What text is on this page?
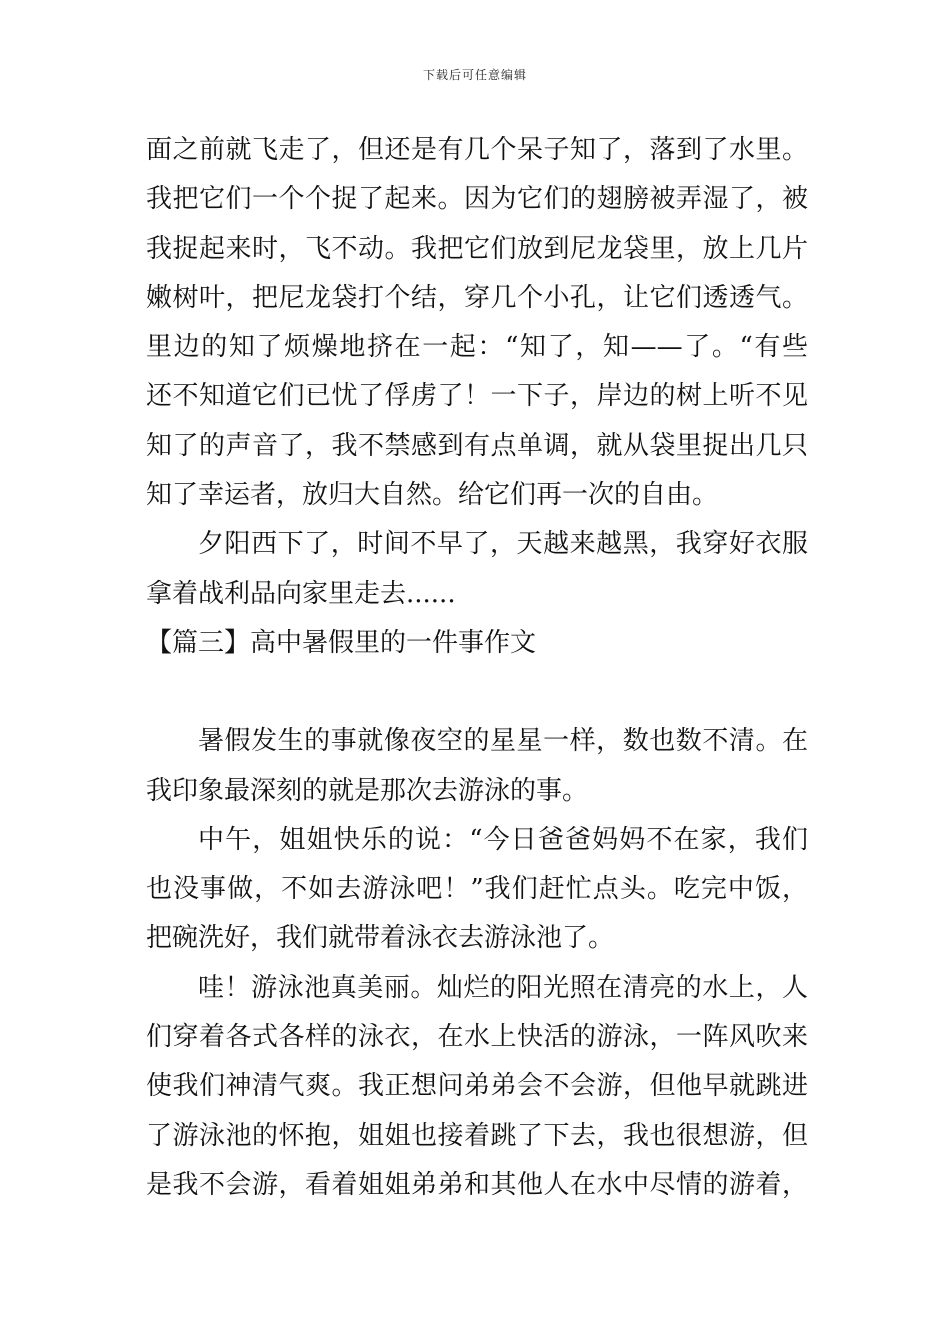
下载后可任意编辑
面之前就飞走了，但还是有几个呆子知了，落到了水里。
我把它们一个个捉了起来。因为它们的翅膀被弄湿了，被
我捉起来时，飞不动。我把它们放到尼龙袋里，放上几片
嫩树叶，把尼龙袋打个结，穿几个小孔，让它们透透气。
里边的知了烦燥地挤在一起：“知了，知——了。“有些
还不知道它们已忧了俘虏了！一下子，岸边的树上听不见
知了的声音了，我不禁感到有点单调，就从袋里捉出几只
知了幸运者，放归大自然。给它们再一次的自由。
夕阳西下了，时间不早了，天越来越黑，我穿好衣服
拿着战利品向家里走去......
【篇三】高中暑假里的一件事作文
暑假发生的事就像夜空的星星一样，数也数不清。在
我印象最深刻的就是那次去游泳的事。
中午，姐姐快乐的说：“今日爸爸妈妈不在家，我们
也没事做，不如去游泳吧！”我们赶忙点头。吃完中饭，
把碗洗好，我们就带着泳衣去游泳池了。
哇！游泳池真美丽。灿烂的阳光照在清亮的水上，人
们穿着各式各样的泳衣，在水上快活的游泳，一阵风吹来
使我们神清气爽。我正想问弟弟会不会游，但他早就跳进
了游泳池的怀抱，姐姐也接着跳了下去，我也很想游，但
是我不会游，看着姐姐弟弟和其他人在水中尽情的游着，
